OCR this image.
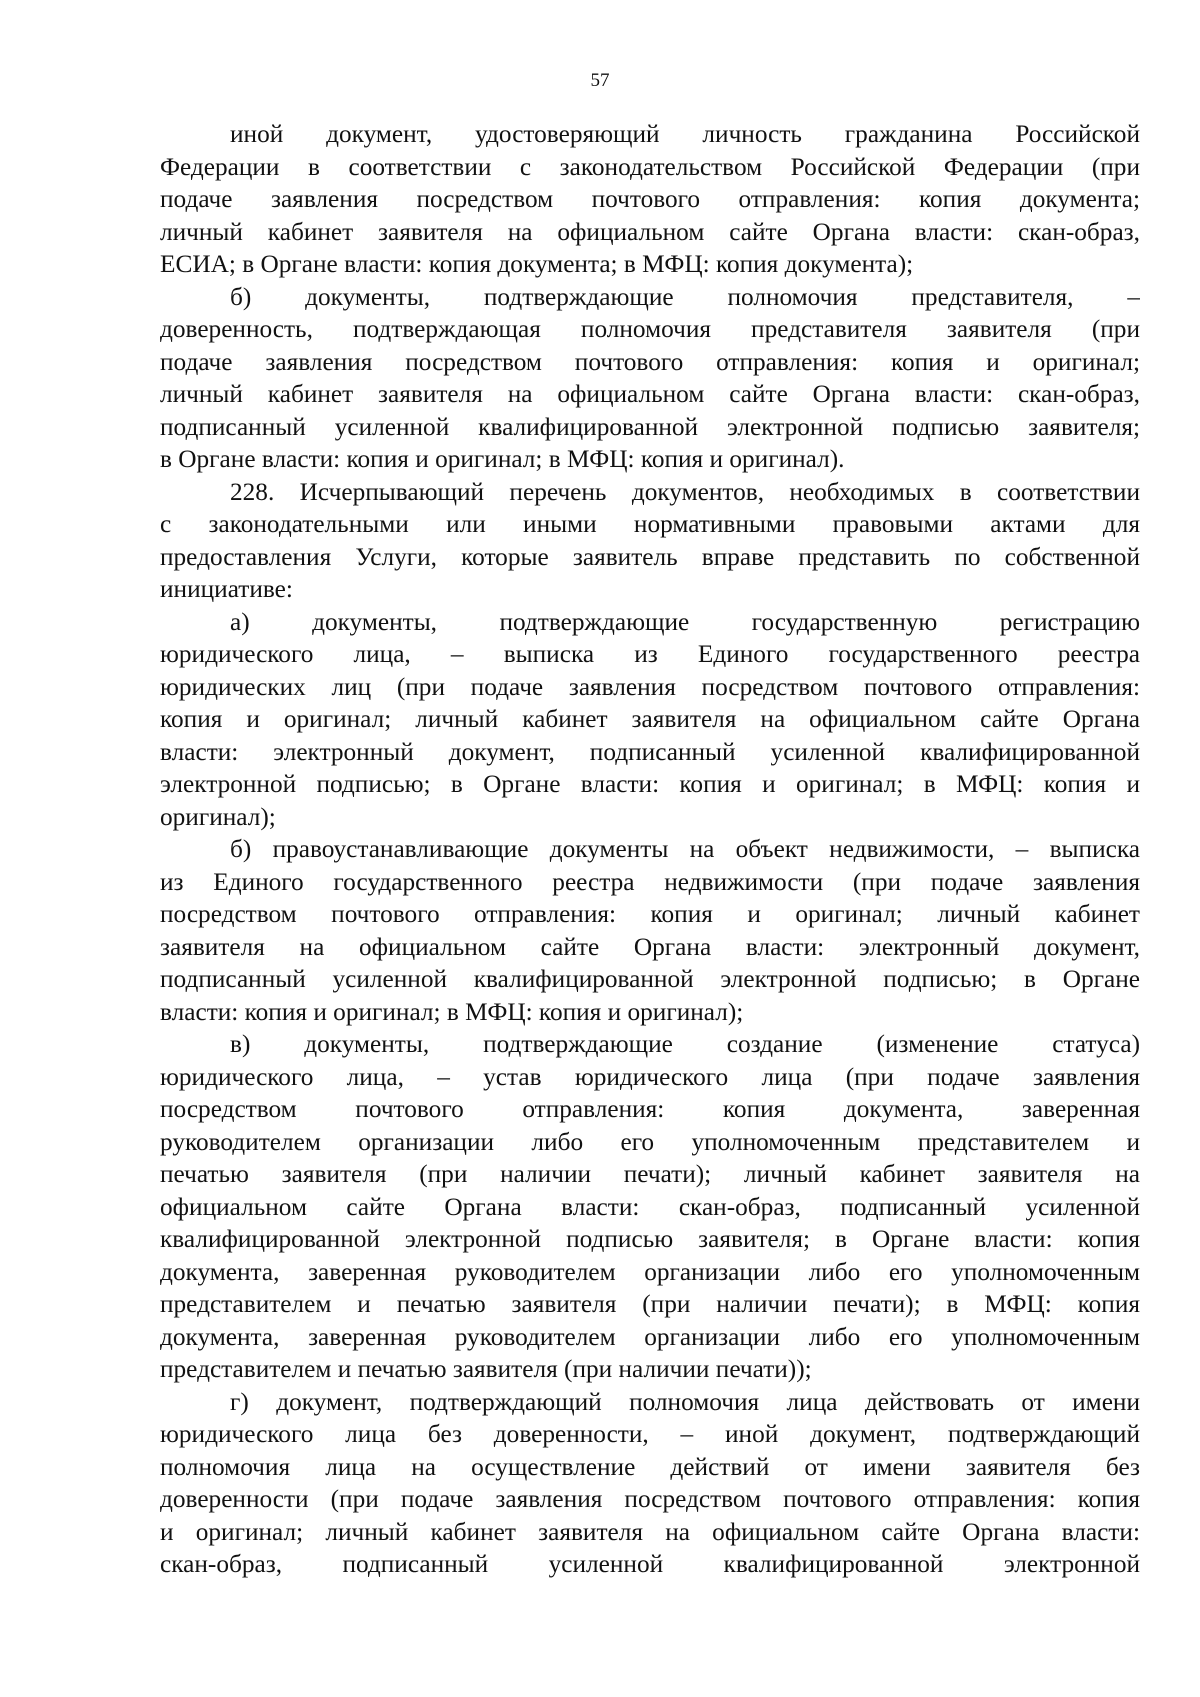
57
иной документ, удостоверяющий личность гражданина Российской
Федерации в соответствии с законодательством Российской Федерации (при
подаче заявления посредством почтового отправления: копия документа;
личный кабинет заявителя на официальном сайте Органа власти: скан-образ,
ЕСИА; в Органе власти: копия документа; в МФЦ: копия документа);
б) документы, подтверждающие полномочия представителя, –
доверенность, подтверждающая полномочия представителя заявителя (при
подаче заявления посредством почтового отправления: копия и оригинал;
личный кабинет заявителя на официальном сайте Органа власти: скан-образ,
подписанный усиленной квалифицированной электронной подписью заявителя;
в Органе власти: копия и оригинал; в МФЦ: копия и оригинал).
228. Исчерпывающий перечень документов, необходимых в соответствии
с законодательными или иными нормативными правовыми актами для
предоставления Услуги, которые заявитель вправе представить по собственной
инициативе:
а) документы, подтверждающие государственную регистрацию
юридического лица, – выписка из Единого государственного реестра
юридических лиц (при подаче заявления посредством почтового отправления:
копия и оригинал; личный кабинет заявителя на официальном сайте Органа
власти: электронный документ, подписанный усиленной квалифицированной
электронной подписью; в Органе власти: копия и оригинал; в МФЦ: копия и
оригинал);
б) правоустанавливающие документы на объект недвижимости, – выписка
из Единого государственного реестра недвижимости (при подаче заявления
посредством почтового отправления: копия и оригинал; личный кабинет
заявителя на официальном сайте Органа власти: электронный документ,
подписанный усиленной квалифицированной электронной подписью; в Органе
власти: копия и оригинал; в МФЦ: копия и оригинал);
в) документы, подтверждающие создание (изменение статуса)
юридического лица, – устав юридического лица (при подаче заявления
посредством почтового отправления: копия документа, заверенная
руководителем организации либо его уполномоченным представителем и
печатью заявителя (при наличии печати); личный кабинет заявителя на
официальном сайте Органа власти: скан-образ, подписанный усиленной
квалифицированной электронной подписью заявителя; в Органе власти: копия
документа, заверенная руководителем организации либо его уполномоченным
представителем и печатью заявителя (при наличии печати); в МФЦ: копия
документа, заверенная руководителем организации либо его уполномоченным
представителем и печатью заявителя (при наличии печати));
г) документ, подтверждающий полномочия лица действовать от имени
юридического лица без доверенности, – иной документ, подтверждающий
полномочия лица на осуществление действий от имени заявителя без
доверенности (при подаче заявления посредством почтового отправления: копия
и оригинал; личный кабинет заявителя на официальном сайте Органа власти:
скан-образ, подписанный усиленной квалифицированной электронной
